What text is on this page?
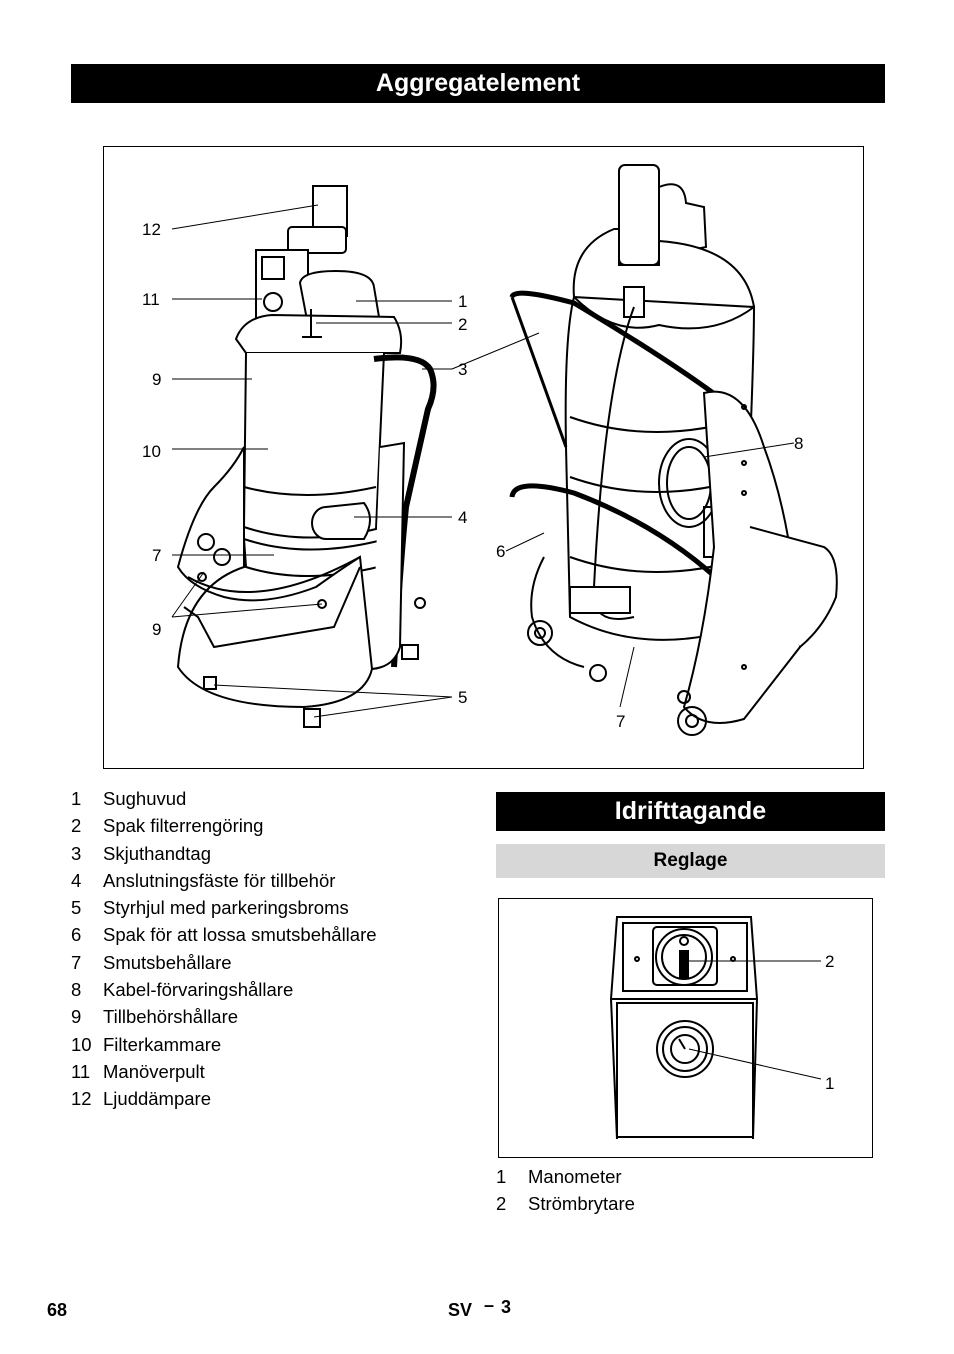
Aggregatelement
12
11
9
10
7
9
1
2
3
4
5
6
8
7
1 Sughuvud
2 Spak filterrengöring
3 Skjuthandtag
4 Anslutningsfäste för tillbehör
5 Styrhjul med parkeringsbroms
6 Spak för att lossa smutsbehållare
7 Smutsbehållare
8 Kabel-förvaringshållare
9 Tillbehörshållare
10 Filterkammare
11 Manöverpult
12 Ljuddämpare
Idrifttagande
Reglage
2
1
1 Manometer
2 Strömbrytare
68	SV – 3
